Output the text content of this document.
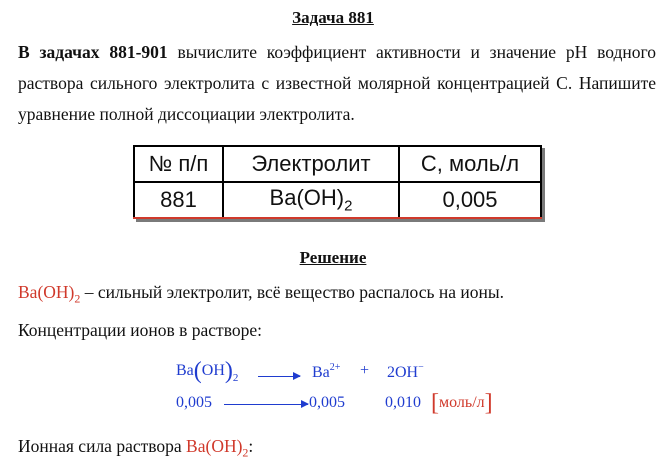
Задача 881
В задачах 881-901 вычислите коэффициент активности и значение pH водного раствора сильного электролита с известной молярной концентрацией C. Напишите уравнение полной диссоциации электролита.
№ п/п	Электролит	C, моль/л
881	$Ba(OH)_2$	0,005
Решение
$Ba(OH)_2$ – сильный электролит, всё вещество распалось на ионы.
Концентрации ионов в растворе:
$Ba(OH)_2 \to Ba^{2+} + 2OH^-$
0,005	0,005	0,010 [моль/л]
Ионная сила раствора $Ba(OH)_2$:
